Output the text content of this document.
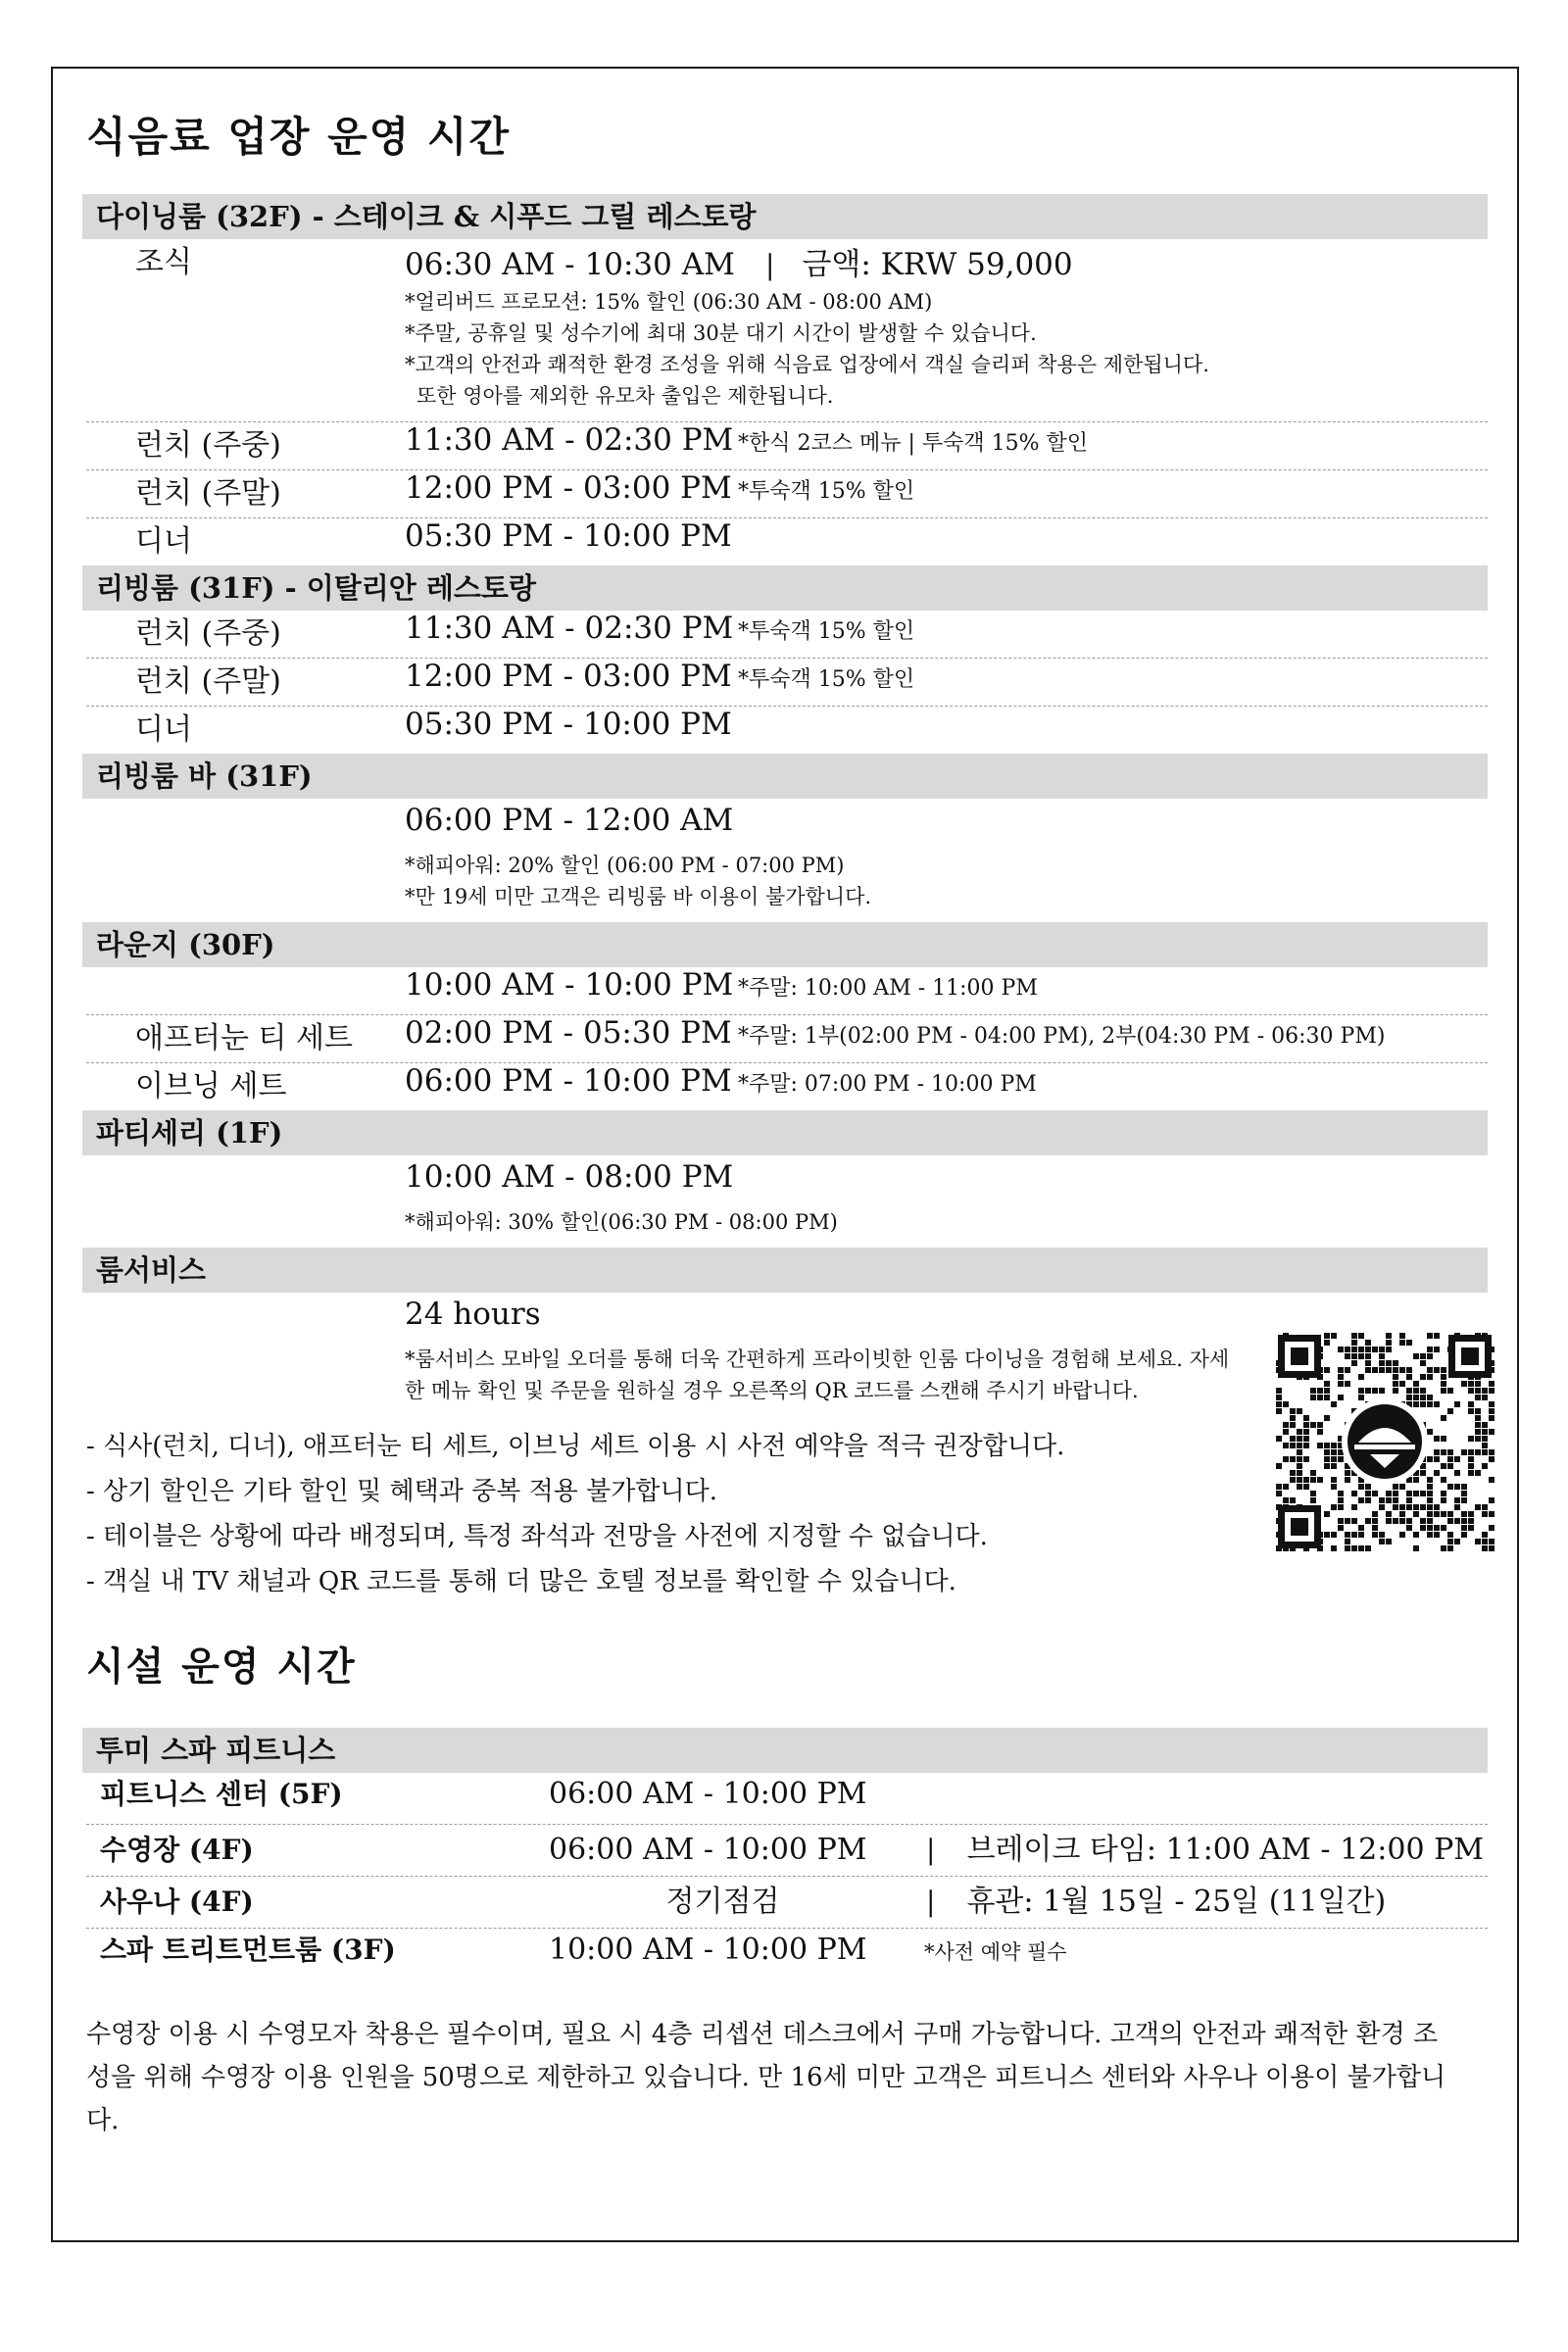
식음료 업장 운영 시간
다이닝룸 (32F) - 스테이크 & 시푸드 그릴 레스토랑
조식	06:30 AM - 10:30 AM | 금액: KRW 59,000
*얼리버드 프로모션: 15% 할인 (06:30 AM - 08:00 AM)
*주말, 공휴일 및 성수기에 최대 30분 대기 시간이 발생할 수 있습니다.
*고객의 안전과 쾌적한 환경 조성을 위해 식음료 업장에서 객실 슬리퍼 착용은 제한됩니다.
또한 영아를 제외한 유모차 출입은 제한됩니다.
런치 (주중)	11:30 AM - 02:30 PM *한식 2코스 메뉴 | 투숙객 15% 할인
런치 (주말)	12:00 PM - 03:00 PM *투숙객 15% 할인
디너	05:30 PM - 10:00 PM
리빙룸 (31F) - 이탈리안 레스토랑
런치 (주중)	11:30 AM - 02:30 PM *투숙객 15% 할인
런치 (주말)	12:00 PM - 03:00 PM *투숙객 15% 할인
디너	05:30 PM - 10:00 PM
리빙룸 바 (31F)
06:00 PM - 12:00 AM
*해피아워: 20% 할인 (06:00 PM - 07:00 PM)
*만 19세 미만 고객은 리빙룸 바 이용이 불가합니다.
라운지 (30F)
10:00 AM - 10:00 PM *주말: 10:00 AM - 11:00 PM
애프터눈 티 세트	02:00 PM - 05:30 PM *주말: 1부(02:00 PM - 04:00 PM), 2부(04:30 PM - 06:30 PM)
이브닝 세트	06:00 PM - 10:00 PM *주말: 07:00 PM - 10:00 PM
파티세리 (1F)
10:00 AM - 08:00 PM
*해피아워: 30% 할인(06:30 PM - 08:00 PM)
룸서비스
24 hours
*룸서비스 모바일 오더를 통해 더욱 간편하게 프라이빗한 인룸 다이닝을 경험해 보세요. 자세한 메뉴 확인 및 주문을 원하실 경우 오른쪽의 QR 코드를 스캔해 주시기 바랍니다.
- 식사(런치, 디너), 애프터눈 티 세트, 이브닝 세트 이용 시 사전 예약을 적극 권장합니다.
- 상기 할인은 기타 할인 및 혜택과 중복 적용 불가합니다.
- 테이블은 상황에 따라 배정되며, 특정 좌석과 전망을 사전에 지정할 수 없습니다.
- 객실 내 TV 채널과 QR 코드를 통해 더 많은 호텔 정보를 확인할 수 있습니다.
시설 운영 시간
투미 스파 피트니스
피트니스 센터 (5F)	06:00 AM - 10:00 PM
수영장 (4F)	06:00 AM - 10:00 PM	| 브레이크 타임: 11:00 AM - 12:00 PM
사우나 (4F)	정기점검	| 휴관: 1월 15일 - 25일 (11일간)
스파 트리트먼트룸 (3F)	10:00 AM - 10:00 PM	*사전 예약 필수
수영장 이용 시 수영모자 착용은 필수이며, 필요 시 4층 리셉션 데스크에서 구매 가능합니다. 고객의 안전과 쾌적한 환경 조성을 위해 수영장 이용 인원을 50명으로 제한하고 있습니다. 만 16세 미만 고객은 피트니스 센터와 사우나 이용이 불가합니다.
